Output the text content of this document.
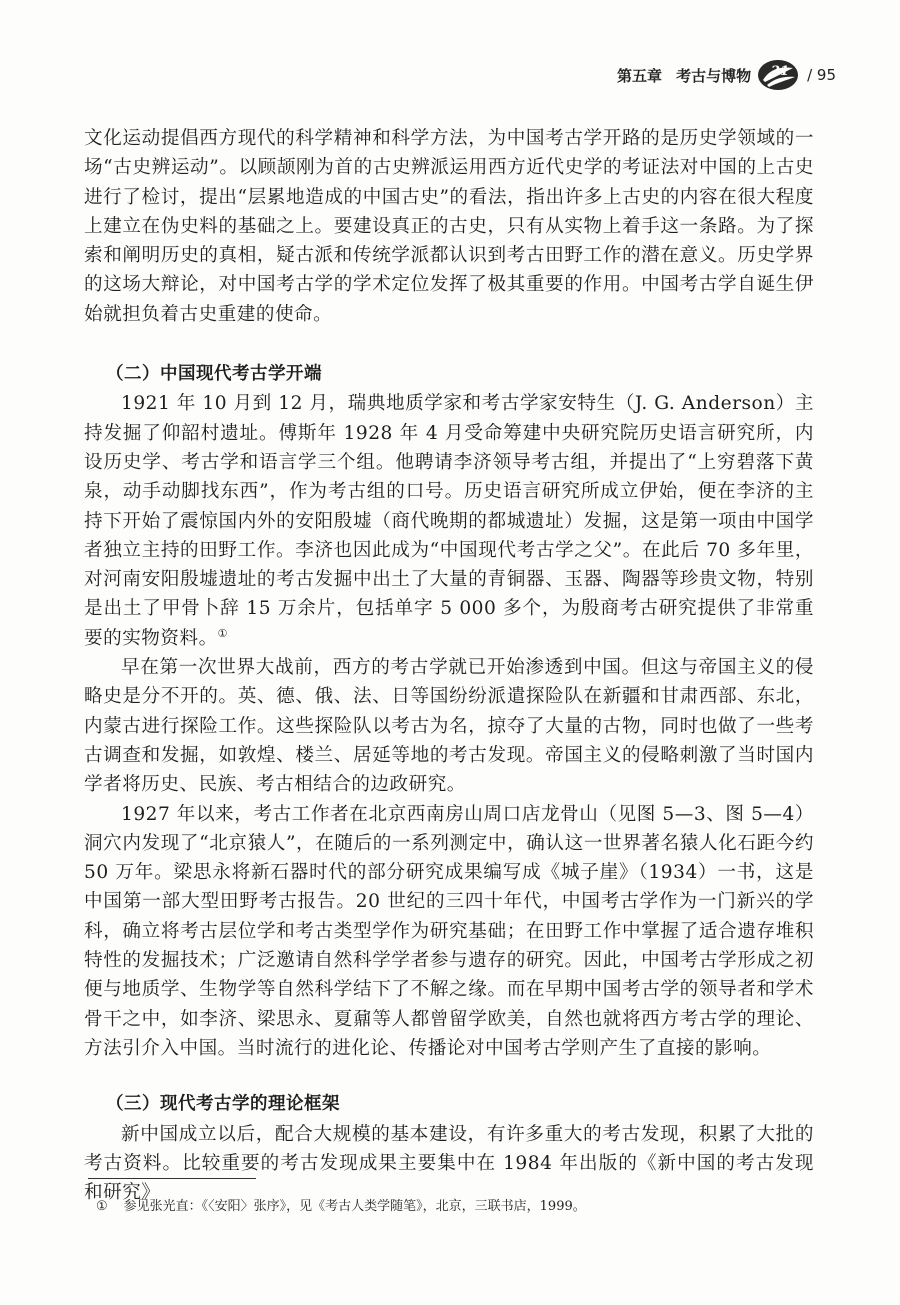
第五章 考古与博物 21 / 95

文化运动提倡西方现代的科学精神和科学方法，为中国考古学开路的是历史学领域的一场“古史辨运动”。以顾颉刚为首的古史辨派运用西方近代史学的考证法对中国的上古史进行了检讨，提出“层累地造成的中国古史”的看法，指出许多上古史的内容在很大程度上建立在伪史料的基础之上。要建设真正的古史，只有从实物上着手这一条路。为了探索和阐明历史的真相，疑古派和传统学派都认识到考古田野工作的潜在意义。历史学界的这场大辩论，对中国考古学的学术定位发挥了极其重要的作用。中国考古学自诞生伊始就担负着古史重建的使命。

（二）中国现代考古学开端

1921 年 10 月到 12 月，瑞典地质学家和考古学家安特生（J. G. Anderson）主持发掘了仰韶村遗址。傅斯年 1928 年 4 月受命筹建中央研究院历史语言研究所，内设历史学、考古学和语言学三个组。他聘请李济领导考古组，并提出了“上穷碧落下黄泉，动手动脚找东西”，作为考古组的口号。历史语言研究所成立伊始，便在李济的主持下开始了震惊国内外的安阳殷墟（商代晚期的都城遗址）发掘，这是第一项由中国学者独立主持的田野工作。李济也因此成为“中国现代考古学之父”。在此后 70 多年里，对河南安阳殷墟遗址的考古发掘中出土了大量的青铜器、玉器、陶器等珍贵文物，特别是出土了甲骨卜辞 15 万余片，包括单字 5 000 多个，为殷商考古研究提供了非常重要的实物资料。①

早在第一次世界大战前，西方的考古学就已开始渗透到中国。但这与帝国主义的侵略史是分不开的。英、德、俄、法、日等国纷纷派遣探险队在新疆和甘肃西部、东北，内蒙古进行探险工作。这些探险队以考古为名，掠夺了大量的古物，同时也做了一些考古调查和发掘，如敦煌、楼兰、居延等地的考古发现。帝国主义的侵略刺激了当时国内学者将历史、民族、考古相结合的边政研究。

1927 年以来，考古工作者在北京西南房山周口店龙骨山（见图 5—3、图 5—4）洞穴内发现了“北京猿人”，在随后的一系列测定中，确认这一世界著名猿人化石距今约 50 万年。梁思永将新石器时代的部分研究成果编写成《城子崖》（1934）一书，这是中国第一部大型田野考古报告。20 世纪的三四十年代，中国考古学作为一门新兴的学科，确立将考古层位学和考古类型学作为研究基础；在田野工作中掌握了适合遗存堆积特性的发掘技术；广泛邀请自然科学学者参与遗存的研究。因此，中国考古学形成之初便与地质学、生物学等自然科学结下了不解之缘。而在早期中国考古学的领导者和学术骨干之中，如李济、梁思永、夏鼐等人都曾留学欧美，自然也就将西方考古学的理论、方法引介入中国。当时流行的进化论、传播论对中国考古学则产生了直接的影响。

（三）现代考古学的理论框架

新中国成立以后，配合大规模的基本建设，有许多重大的考古发现，积累了大批的考古资料。比较重要的考古发现成果主要集中在 1984 年出版的《新中国的考古发现和研究》

① 参见张光直：《〈安阳〉张序》，见《考古人类学随笔》，北京，三联书店，1999。
